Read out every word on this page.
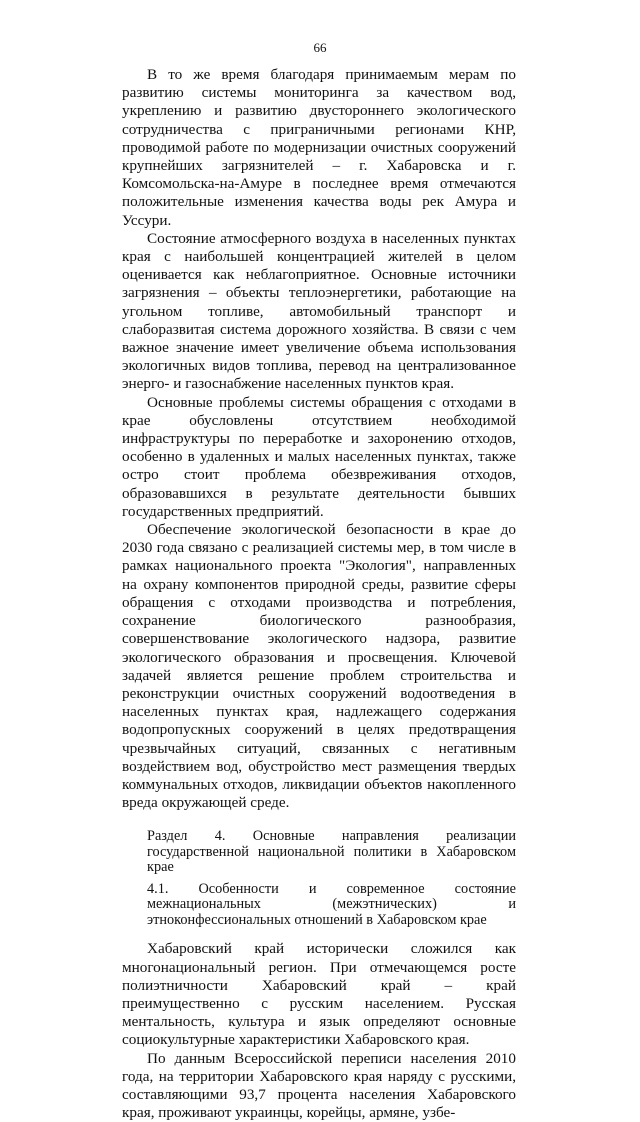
66

В то же время благодаря принимаемым мерам по развитию системы мониторинга за качеством вод, укреплению и развитию двустороннего экологического сотрудничества с приграничными регионами КНР, проводимой работе по модернизации очистных сооружений крупнейших загрязнителей – г. Хабаровска и г. Комсомольска-на-Амуре в последнее время отмечаются положительные изменения качества воды рек Амура и Уссури.

Состояние атмосферного воздуха в населенных пунктах края с наибольшей концентрацией жителей в целом оценивается как неблагоприятное. Основные источники загрязнения – объекты теплоэнергетики, работающие на угольном топливе, автомобильный транспорт и слаборазвитая система дорожного хозяйства. В связи с чем важное значение имеет увеличение объема использования экологичных видов топлива, перевод на централизованное энерго- и газоснабжение населенных пунктов края.

Основные проблемы системы обращения с отходами в крае обусловлены отсутствием необходимой инфраструктуры по переработке и захоронению отходов, особенно в удаленных и малых населенных пунктах, также остро стоит проблема обезвреживания отходов, образовавшихся в результате деятельности бывших государственных предприятий.

Обеспечение экологической безопасности в крае до 2030 года связано с реализацией системы мер, в том числе в рамках национального проекта "Экология", направленных на охрану компонентов природной среды, развитие сферы обращения с отходами производства и потребления, сохранение биологического разнообразия, совершенствование экологического надзора, развитие экологического образования и просвещения. Ключевой задачей является решение проблем строительства и реконструкции очистных сооружений водоотведения в населенных пунктах края, надлежащего содержания водопропускных сооружений в целях предотвращения чрезвычайных ситуаций, связанных с негативным воздействием вод, обустройство мест размещения твердых коммунальных отходов, ликвидации объектов накопленного вреда окружающей среде.

Раздел 4. Основные направления реализации государственной национальной политики в Хабаровском крае
4.1. Особенности и современное состояние межнациональных (межэтнических) и этноконфессиональных отношений в Хабаровском крае

Хабаровский край исторически сложился как многонациональный регион. При отмечающемся росте полиэтничности Хабаровский край – край преимущественно с русским населением. Русская ментальность, культура и язык определяют основные социокультурные характеристики Хабаровского края.

По данным Всероссийской переписи населения 2010 года, на территории Хабаровского края наряду с русскими, составляющими 93,7 процента населения Хабаровского края, проживают украинцы, корейцы, армяне, узбе-
